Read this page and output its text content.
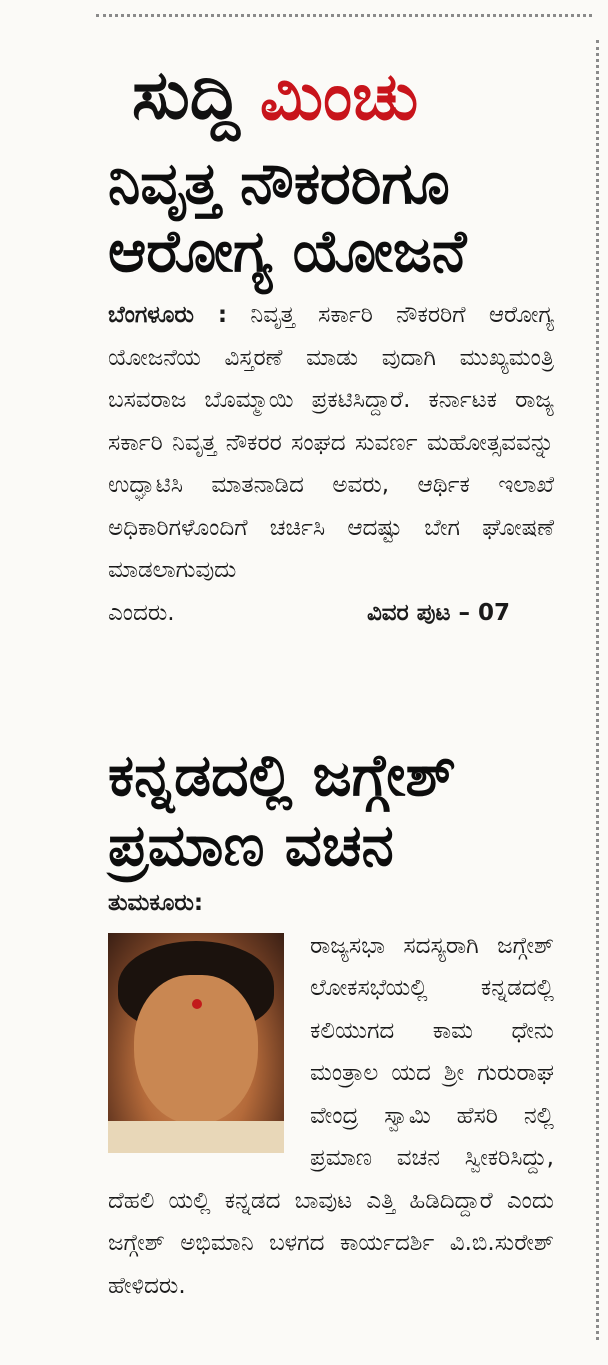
ಸುದ್ದಿ ಮಿಂಚು
ನಿವೃತ್ತ ನೌಕರರಿಗೂ
ಆರೋಗ್ಯ ಯೋಜನೆ
ಬೆಂಗಳೂರು : ನಿವೃತ್ತ ಸರ್ಕಾರಿ ನೌಕರರಿಗೆ ಆರೋಗ್ಯ ಯೋಜನೆಯ ವಿಸ್ತರಣೆ ಮಾಡು ವುದಾಗಿ ಮುಖ್ಯಮಂತ್ರಿ ಬಸವರಾಜ ಬೊಮ್ಮಾಯಿ ಪ್ರಕಟಿಸಿದ್ದಾರೆ. ಕರ್ನಾಟಕ ರಾಜ್ಯ ಸರ್ಕಾರಿ ನಿವೃತ್ತ ನೌಕರರ ಸಂಘದ ಸುವರ್ಣ ಮಹೋತ್ಸವವನ್ನು ಉದ್ಘಾಟಿಸಿ ಮಾತನಾಡಿದ ಅವರು, ಆರ್ಥಿಕ ಇಲಾಖೆ ಅಧಿಕಾರಿಗಳೊಂದಿಗೆ ಚರ್ಚಿಸಿ ಆದಷ್ಟು ಬೇಗ ಘೋಷಣೆ ಮಾಡಲಾಗುವುದು
ಎಂದರು.	ವಿವರ ಪುಟ – 07
ಕನ್ನಡದಲ್ಲಿ ಜಗ್ಗೇಶ್
ಪ್ರಮಾಣ ವಚನ

ತುಮಕೂರು:

ರಾಜ್ಯಸಭಾ ಸದಸ್ಯರಾಗಿ ಜಗ್ಗೇಶ್ ಲೋಕಸಭೆಯಲ್ಲಿ ಕನ್ನಡದಲ್ಲಿ ಕಲಿಯುಗದ ಕಾಮ ಧೇನು ಮಂತ್ರಾಲ ಯದ ಶ್ರೀ ಗುರುರಾಘ ವೇಂದ್ರ ಸ್ವಾಮಿ ಹೆಸರಿ ನಲ್ಲಿ ಪ್ರಮಾಣ ವಚನ ಸ್ವೀಕರಿಸಿದ್ದು, ದೆಹಲಿ ಯಲ್ಲಿ ಕನ್ನಡದ ಬಾವುಟ ಎತ್ತಿ ಹಿಡಿದಿದ್ದಾರೆ ಎಂದು ಜಗ್ಗೇಶ್ ಅಭಿಮಾನಿ ಬಳಗದ ಕಾರ್ಯದರ್ಶಿ ವಿ.ಬಿ.ಸುರೇಶ್ ಹೇಳಿದರು.
